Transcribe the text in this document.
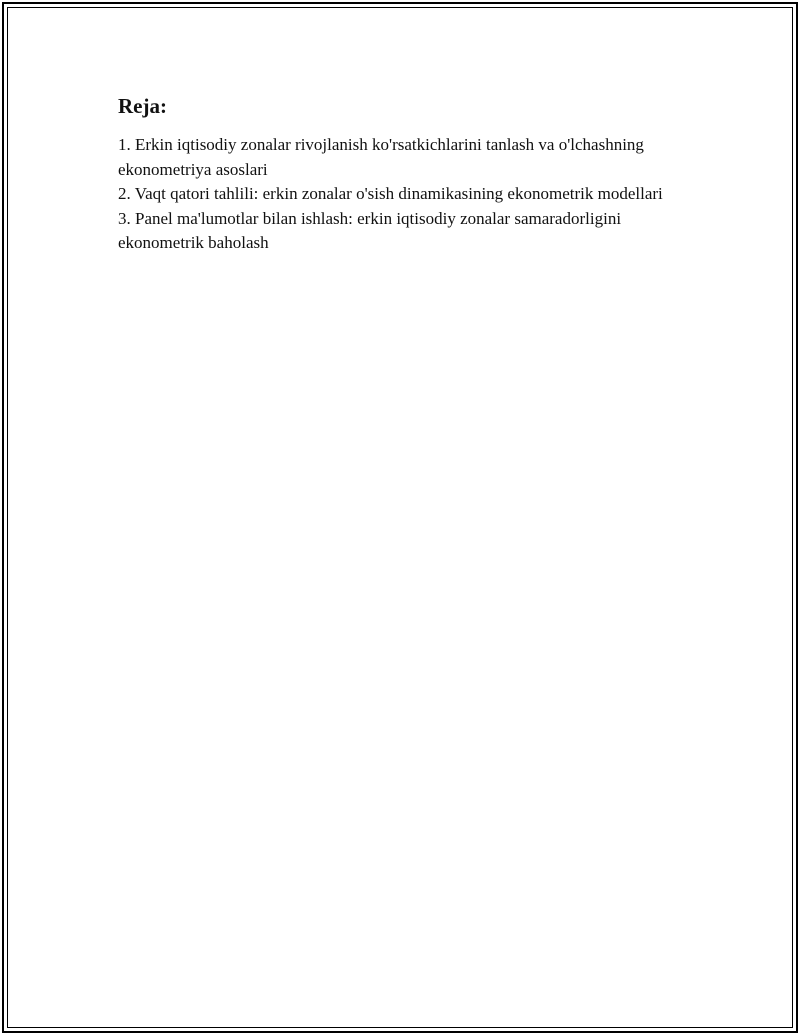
Reja:
1. Erkin iqtisodiy zonalar rivojlanish ko'rsatkichlarini tanlash va o'lchashning ekonometriya asoslari
2. Vaqt qatori tahlili: erkin zonalar o'sish dinamikasining ekonometrik modellari
3. Panel ma'lumotlar bilan ishlash: erkin iqtisodiy zonalar samaradorligini ekonometrik baholash
